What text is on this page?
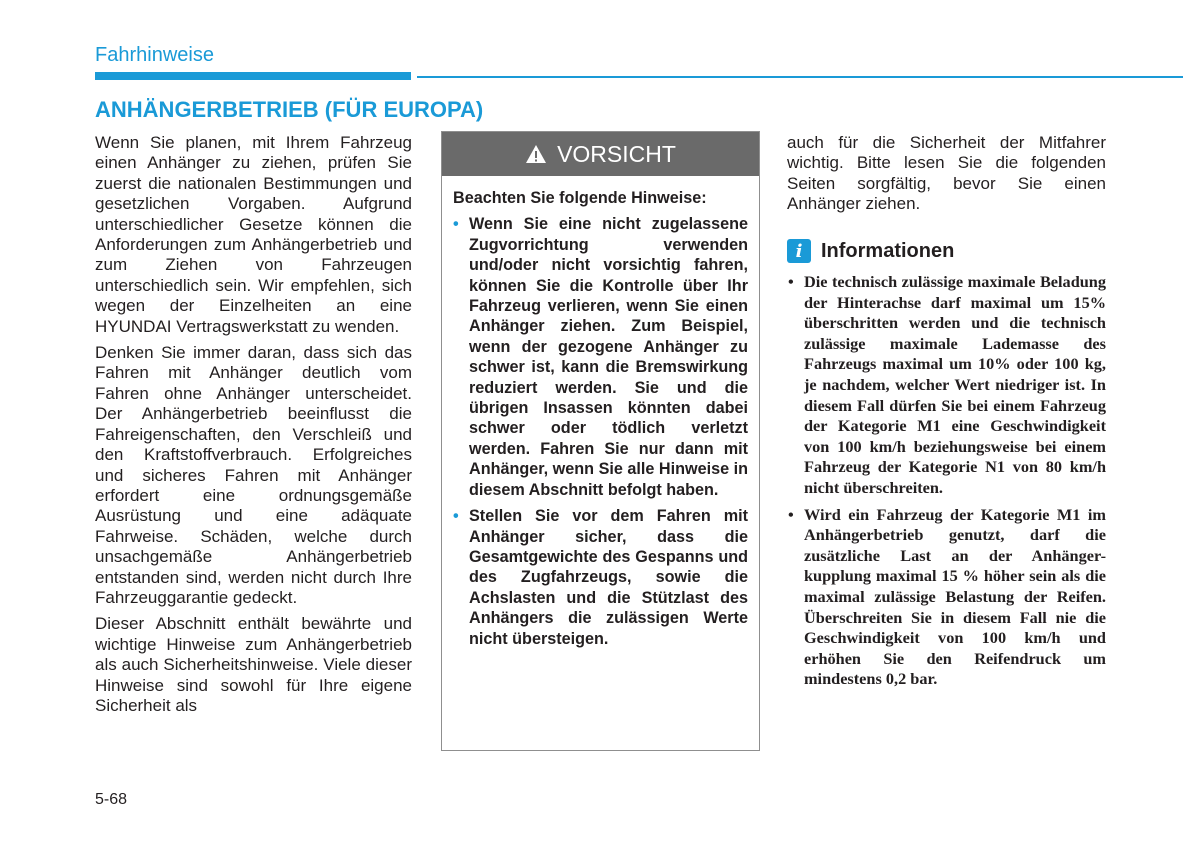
Fahrhinweise
ANHÄNGERBETRIEB (FÜR EUROPA)

Wenn Sie planen, mit Ihrem Fahrzeug einen Anhänger zu ziehen, prüfen Sie zuerst die nationalen Bestimmungen und gesetzlichen Vorgaben. Aufgrund unterschiedlicher Gesetze können die Anforderungen zum Anhängerbetrieb und zum Ziehen von Fahrzeugen unterschiedlich sein. Wir empfehlen, sich wegen der Einzelheiten an eine HYUNDAI Vertragswerkstatt zu wenden.

Denken Sie immer daran, dass sich das Fahren mit Anhänger deutlich vom Fahren ohne Anhänger unterscheidet. Der Anhängerbetrieb beeinflusst die Fahreigenschaften, den Verschleiß und den Kraftstoffverbrauch. Erfolgreiches und sicheres Fahren mit Anhänger erfordert eine ordnungsgemäße Ausrüstung und eine adäquate Fahrweise. Schäden, welche durch unsachgemäße Anhängerbetrieb entstanden sind, werden nicht durch Ihre Fahrzeuggarantie gedeckt.

Dieser Abschnitt enthält bewährte und wichtige Hinweise zum Anhängerbetrieb als auch Sicherheitshinweise. Viele dieser Hinweise sind sowohl für Ihre eigene Sicherheit als

VORSICHT
Beachten Sie folgende Hinweise:
• Wenn Sie eine nicht zugelassene Zugvorrichtung verwenden und/oder nicht vorsichtig fahren, können Sie die Kontrolle über Ihr Fahrzeug verlieren, wenn Sie einen Anhänger ziehen. Zum Beispiel, wenn der gezogene Anhänger zu schwer ist, kann die Bremswirkung reduziert werden. Sie und die übrigen Insassen könnten dabei schwer oder tödlich verletzt werden. Fahren Sie nur dann mit Anhänger, wenn Sie alle Hinweise in diesem Abschnitt befolgt haben.
• Stellen Sie vor dem Fahren mit Anhänger sicher, dass die Gesamtgewichte des Gespanns und des Zugfahrzeugs, sowie die Achslasten und die Stützlast des Anhängers die zulässigen Werte nicht übersteigen.

auch für die Sicherheit der Mitfahrer wichtig. Bitte lesen Sie die folgenden Seiten sorgfältig, bevor Sie einen Anhänger ziehen.

i Informationen
• Die technisch zulässige maximale Beladung der Hinterachse darf maximal um 15% überschritten werden und die technisch zulässige maximale Lademasse des Fahrzeugs maximal um 10% oder 100 kg, je nachdem, welcher Wert niedriger ist. In diesem Fall dürfen Sie bei einem Fahrzeug der Kategorie M1 eine Geschwindigkeit von 100 km/h beziehungsweise bei einem Fahrzeug der Kategorie N1 von 80 km/h nicht überschreiten.
• Wird ein Fahrzeug der Kategorie M1 im Anhängerbetrieb genutzt, darf die zusätzliche Last an der Anhänger-kupplung maximal 15 % höher sein als die maximal zulässige Belastung der Reifen. Überschreiten Sie in diesem Fall nie die Geschwindigkeit von 100 km/h und erhöhen Sie den Reifendruck um mindestens 0,2 bar.
5-68
